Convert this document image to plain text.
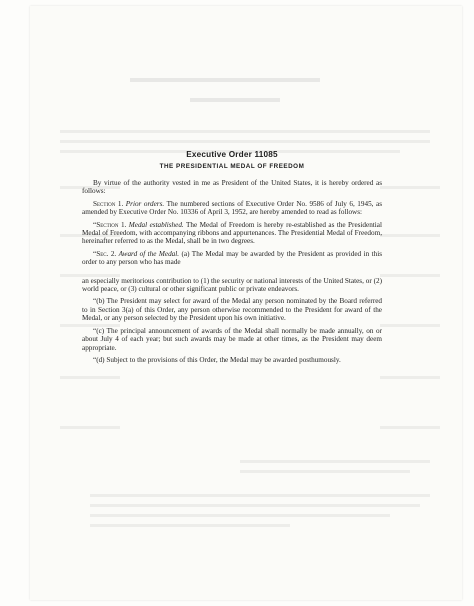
Executive Order 11085
THE PRESIDENTIAL MEDAL OF FREEDOM

By virtue of the authority vested in me as President of the United States, it is hereby ordered as follows:

Section 1. Prior orders. The numbered sections of Executive Order No. 9586 of July 6, 1945, as amended by Executive Order No. 10336 of April 3, 1952, are hereby amended to read as follows:

“Section 1. Medal established. The Medal of Freedom is hereby re-established as the Presidential Medal of Freedom, with accompanying ribbons and appurtenances. The Presidential Medal of Freedom, hereinafter referred to as the Medal, shall be in two degrees.

“Sec. 2. Award of the Medal. (a) The Medal may be awarded by the President as provided in this order to any person who has made

an especially meritorious contribution to (1) the security or national interests of the United States, or (2) world peace, or (3) cultural or other significant public or private endeavors.

“(b) The President may select for award of the Medal any person nominated by the Board referred to in Section 3(a) of this Order, any person otherwise recommended to the President for award of the Medal, or any person selected by the President upon his own initiative.

“(c) The principal announcement of awards of the Medal shall normally be made annually, on or about July 4 of each year; but such awards may be made at other times, as the President may deem appropriate.

“(d) Subject to the provisions of this Order, the Medal may be awarded posthumously.
